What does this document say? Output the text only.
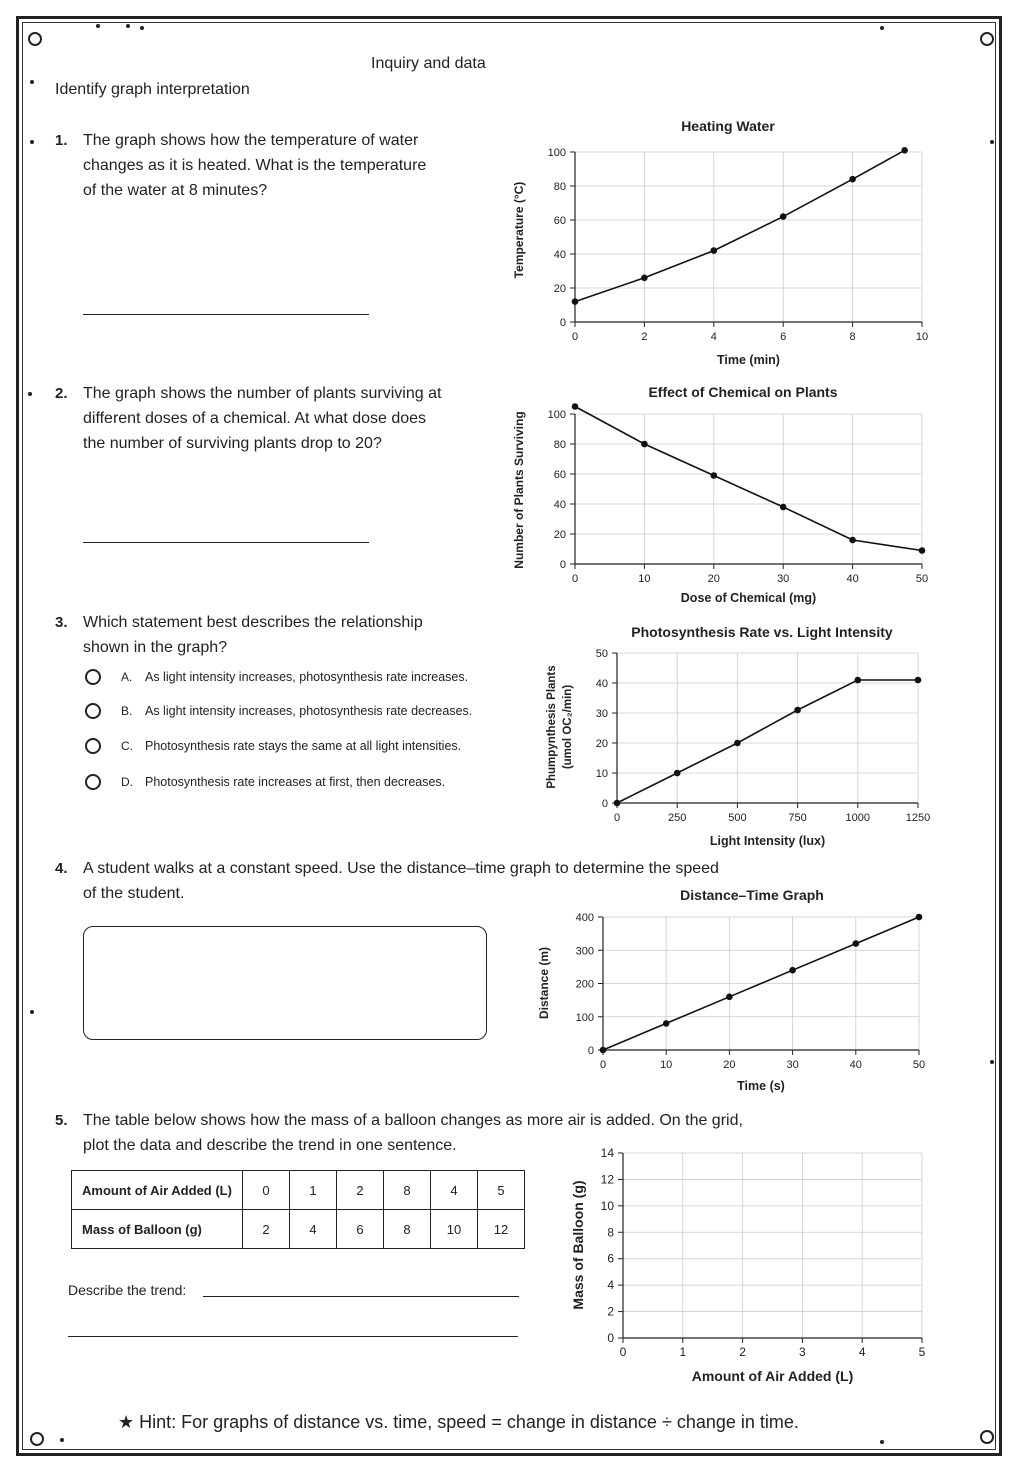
Inquiry and data
Identify graph interpretation
1. The graph shows how the temperature of water
changes as it is heated. What is the temperature
of the water at 8 minutes?
2. The graph shows the number of plants surviving at
different doses of a chemical. At what dose does
the number of surviving plants drop to 20?
3. Which statement best describes the relationship
shown in the graph?
A. As light intensity increases, photosynthesis rate increases.
B. As light intensity increases, photosynthesis rate decreases.
C. Photosynthesis rate stays the same at all light intensities.
D. Photosynthesis rate increases at first, then decreases.
4. A student walks at a constant speed. Use the distance–time graph to determine the speed
of the student.
5. The table below shows how the mass of a balloon changes as more air is added. On the grid,
plot the data and describe the trend in one sentence.
Amount of Air Added (L)	0	1	2	8	4	5
Mass of Balloon (g)	2	4	6	8	10	12
Describe the trend:
★ Hint: For graphs of distance vs. time, speed = change in distance ÷ change in time.
0	2	4	6	8	10
0
20
40
60
80
100
Heating Water
Time (min)
Temperature (°C)
0	10	20	30	40	50
0
20
40
60
80
100
Effect of Chemical on Plants
Dose of Chemical (mg)
Number of Plants Surviving
0	250	500	750	1000	1250
0
10
20
30
40
50
Photosynthesis Rate vs. Light Intensity
Light Intensity (lux)
Phumpynthesis Plants (umol OC₂/min)
0	10	20	30	40	50
0
100
200
300
400
Distance–Time Graph
Time (s)
Distance (m)
0	1	2	3	4	5
0
2
4
6
8
10
12
14
Amount of Air Added (L)
Mass of Balloon (g)
